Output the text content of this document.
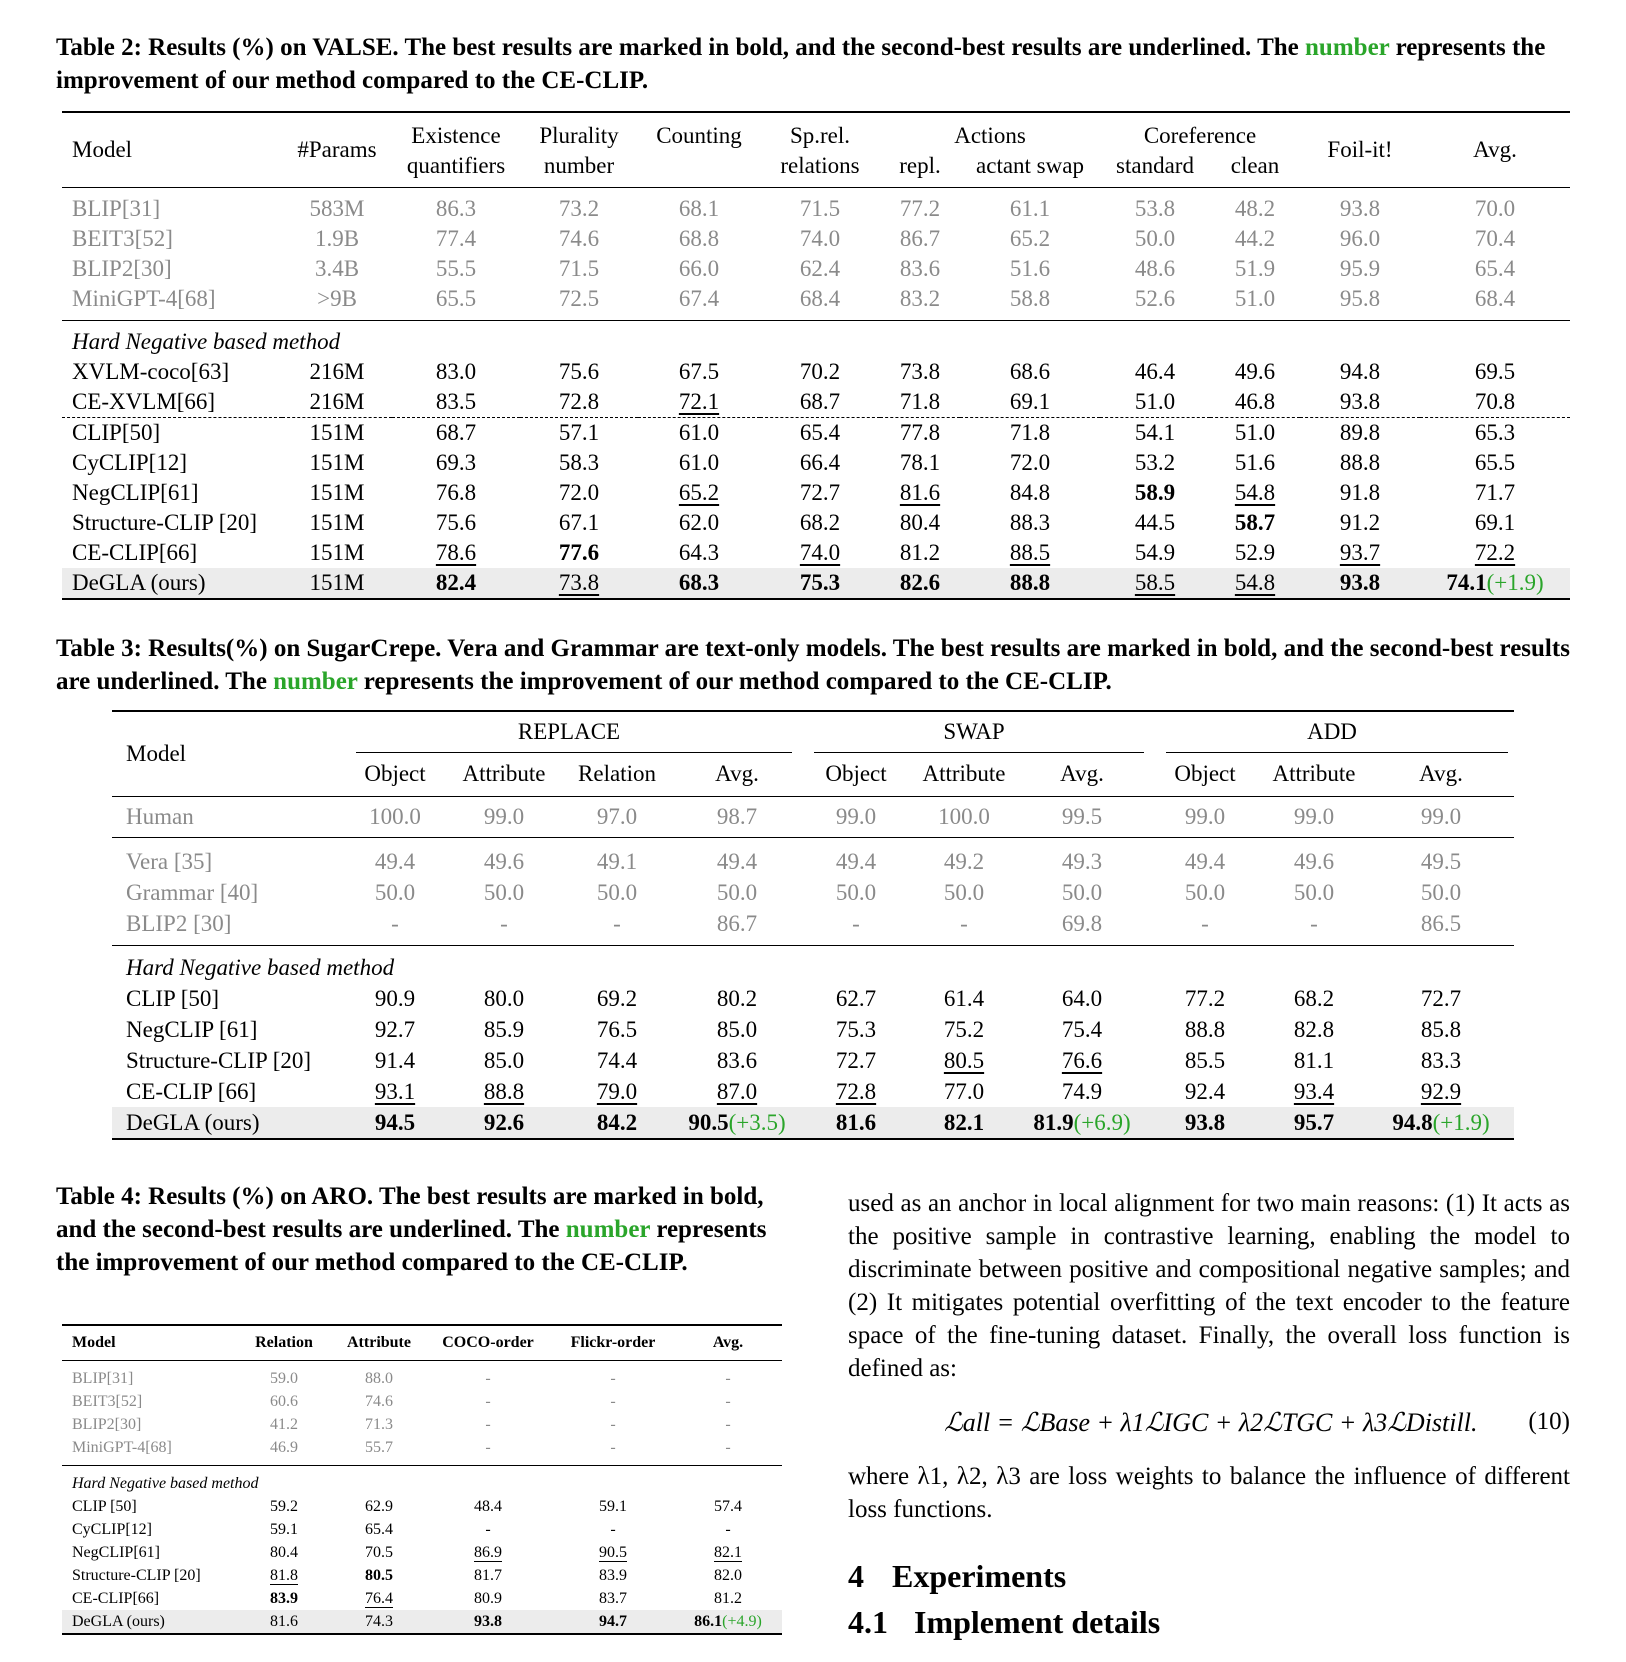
Table 2: Results (%) on VALSE. The best results are marked in bold, and the second-best results are underlined. The number represents the improvement of our method compared to the CE-CLIP.

Model	#Params	Existence	Plurality	Counting	Sp.rel.	Actions		Coreference		Foil-it!	Avg.
		quantifiers	number		relations	repl.	actant swap	standard	clean		
BLIP[31]	583M	86.3	73.2	68.1	71.5	77.2	61.1	53.8	48.2	93.8	70.0
BEIT3[52]	1.9B	77.4	74.6	68.8	74.0	86.7	65.2	50.0	44.2	96.0	70.4
BLIP2[30]	3.4B	55.5	71.5	66.0	62.4	83.6	51.6	48.6	51.9	95.9	65.4
MiniGPT-4[68]	>9B	65.5	72.5	67.4	68.4	83.2	58.8	52.6	51.0	95.8	68.4
Hard Negative based method											
XVLM-coco[63]	216M	83.0	75.6	67.5	70.2	73.8	68.6	46.4	49.6	94.8	69.5
CE-XVLM[66]	216M	83.5	72.8	72.1	68.7	71.8	69.1	51.0	46.8	93.8	70.8
CLIP[50]	151M	68.7	57.1	61.0	65.4	77.8	71.8	54.1	51.0	89.8	65.3
CyCLIP[12]	151M	69.3	58.3	61.0	66.4	78.1	72.0	53.2	51.6	88.8	65.5
NegCLIP[61]	151M	76.8	72.0	65.2	72.7	81.6	84.8	58.9	54.8	91.8	71.7
Structure-CLIP [20]	151M	75.6	67.1	62.0	68.2	80.4	88.3	44.5	58.7	91.2	69.1
CE-CLIP[66]	151M	78.6	77.6	64.3	74.0	81.2	88.5	54.9	52.9	93.7	72.2
DeGLA (ours)	151M	82.4	73.8	68.3	75.3	82.6	88.8	58.5	54.8	93.8	74.1(+1.9)

Table 3: Results(%) on SugarCrepe. Vera and Grammar are text-only models. The best results are marked in bold, and the second-best results are underlined. The number represents the improvement of our method compared to the CE-CLIP.

Model	REPLACE				SWAP			ADD		
	Object	Attribute	Relation	Avg.	Object	Attribute	Avg.	Object	Attribute	Avg.
Human	100.0	99.0	97.0	98.7	99.0	100.0	99.5	99.0	99.0	99.0
Vera [35]	49.4	49.6	49.1	49.4	49.4	49.2	49.3	49.4	49.6	49.5
Grammar [40]	50.0	50.0	50.0	50.0	50.0	50.0	50.0	50.0	50.0	50.0
BLIP2 [30]	-	-	-	86.7	-	-	69.8	-	-	86.5
Hard Negative based method										
CLIP [50]	90.9	80.0	69.2	80.2	62.7	61.4	64.0	77.2	68.2	72.7
NegCLIP [61]	92.7	85.9	76.5	85.0	75.3	75.2	75.4	88.8	82.8	85.8
Structure-CLIP [20]	91.4	85.0	74.4	83.6	72.7	80.5	76.6	85.5	81.1	83.3
CE-CLIP [66]	93.1	88.8	79.0	87.0	72.8	77.0	74.9	92.4	93.4	92.9
DeGLA (ours)	94.5	92.6	84.2	90.5(+3.5)	81.6	82.1	81.9(+6.9)	93.8	95.7	94.8(+1.9)

Table 4: Results (%) on ARO. The best results are marked in bold, and the second-best results are underlined. The number represents the improvement of our method compared to the CE-CLIP.

Model	Relation	Attribute	COCO-order	Flickr-order	Avg.
BLIP[31]	59.0	88.0	-	-	-
BEIT3[52]	60.6	74.6	-	-	-
BLIP2[30]	41.2	71.3	-	-	-
MiniGPT-4[68]	46.9	55.7	-	-	-
Hard Negative based method					
CLIP [50]	59.2	62.9	48.4	59.1	57.4
CyCLIP[12]	59.1	65.4	-	-	-
NegCLIP[61]	80.4	70.5	86.9	90.5	82.1
Structure-CLIP [20]	81.8	80.5	81.7	83.9	82.0
CE-CLIP[66]	83.9	76.4	80.9	83.7	81.2
DeGLA (ours)	81.6	74.3	93.8	94.7	86.1(+4.9)

used as an anchor in local alignment for two main reasons: (1) It acts as the positive sample in contrastive learning, enabling the model to discriminate between positive and compositional negative samples; and (2) It mitigates potential overfitting of the text encoder to the feature space of the fine-tuning dataset. Finally, the overall loss function is defined as:

ℒall = ℒBase + λ1ℒIGC + λ2ℒTGC + λ3ℒDistill. (10)

where λ1, λ2, λ3 are loss weights to balance the influence of different loss functions.

4 Experiments
4.1 Implement details
